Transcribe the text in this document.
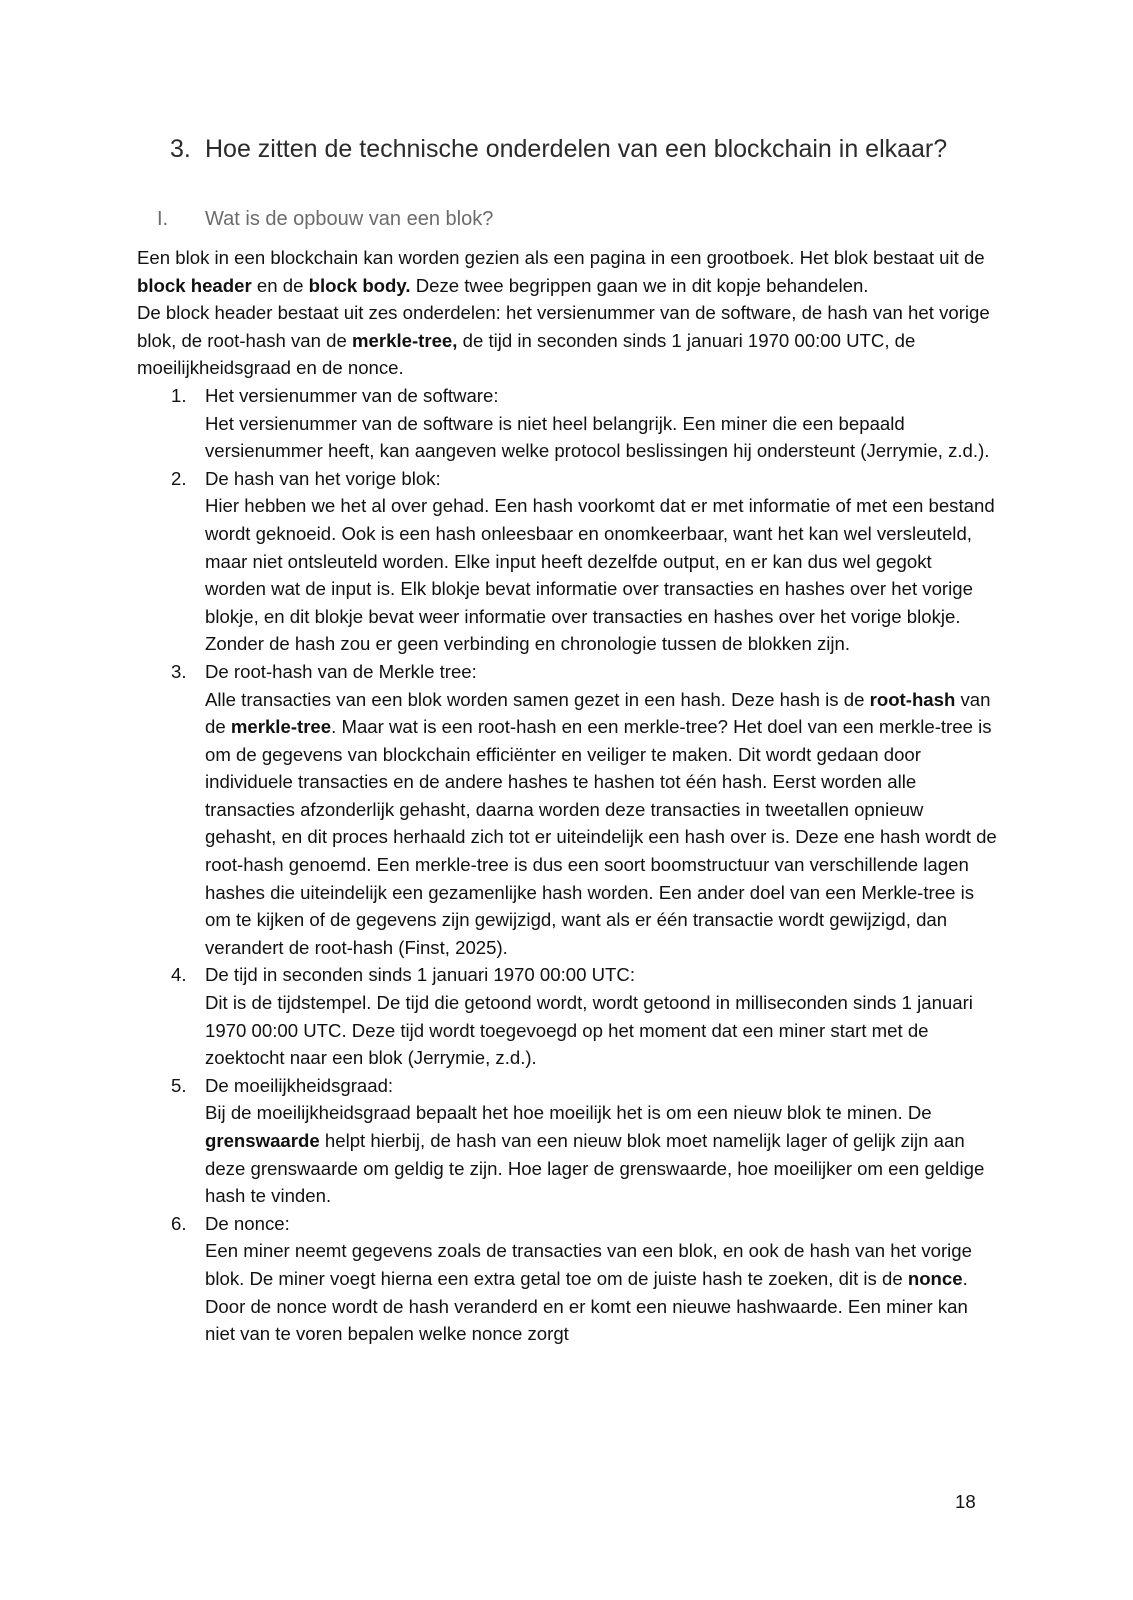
3. Hoe zitten de technische onderdelen van een blockchain in elkaar?
I. Wat is de opbouw van een blok?

Een blok in een blockchain kan worden gezien als een pagina in een grootboek. Het blok bestaat uit de block header en de block body. Deze twee begrippen gaan we in dit kopje behandelen.

De block header bestaat uit zes onderdelen: het versienummer van de software, de hash van het vorige blok, de root-hash van de merkle-tree, de tijd in seconden sinds 1 januari 1970 00:00 UTC, de moeilijkheidsgraad en de nonce.

1. Het versienummer van de software:
Het versienummer van de software is niet heel belangrijk. Een miner die een bepaald versienummer heeft, kan aangeven welke protocol beslissingen hij ondersteunt (Jerrymie, z.d.).
2. De hash van het vorige blok:
Hier hebben we het al over gehad. Een hash voorkomt dat er met informatie of met een bestand wordt geknoeid. Ook is een hash onleesbaar en onomkeerbaar, want het kan wel versleuteld, maar niet ontsleuteld worden. Elke input heeft dezelfde output, en er kan dus wel gegokt worden wat de input is. Elk blokje bevat informatie over transacties en hashes over het vorige blokje, en dit blokje bevat weer informatie over transacties en hashes over het vorige blokje. Zonder de hash zou er geen verbinding en chronologie tussen de blokken zijn.
3. De root-hash van de Merkle tree:
Alle transacties van een blok worden samen gezet in een hash. Deze hash is de root-hash van de merkle-tree. Maar wat is een root-hash en een merkle-tree? Het doel van een merkle-tree is om de gegevens van blockchain efficiënter en veiliger te maken. Dit wordt gedaan door individuele transacties en de andere hashes te hashen tot één hash. Eerst worden alle transacties afzonderlijk gehasht, daarna worden deze transacties in tweetallen opnieuw gehasht, en dit proces herhaald zich tot er uiteindelijk een hash over is. Deze ene hash wordt de root-hash genoemd. Een merkle-tree is dus een soort boomstructuur van verschillende lagen hashes die uiteindelijk een gezamenlijke hash worden. Een ander doel van een Merkle-tree is om te kijken of de gegevens zijn gewijzigd, want als er één transactie wordt gewijzigd, dan verandert de root-hash (Finst, 2025).
4. De tijd in seconden sinds 1 januari 1970 00:00 UTC:
Dit is de tijdstempel. De tijd die getoond wordt, wordt getoond in milliseconden sinds 1 januari 1970 00:00 UTC. Deze tijd wordt toegevoegd op het moment dat een miner start met de zoektocht naar een blok (Jerrymie, z.d.).
5. De moeilijkheidsgraad:
Bij de moeilijkheidsgraad bepaalt het hoe moeilijk het is om een nieuw blok te minen. De grenswaarde helpt hierbij, de hash van een nieuw blok moet namelijk lager of gelijk zijn aan deze grenswaarde om geldig te zijn. Hoe lager de grenswaarde, hoe moeilijker om een geldige hash te vinden.
6. De nonce:
Een miner neemt gegevens zoals de transacties van een blok, en ook de hash van het vorige blok. De miner voegt hierna een extra getal toe om de juiste hash te zoeken, dit is de nonce. Door de nonce wordt de hash veranderd en er komt een nieuwe hashwaarde. Een miner kan niet van te voren bepalen welke nonce zorgt
18
